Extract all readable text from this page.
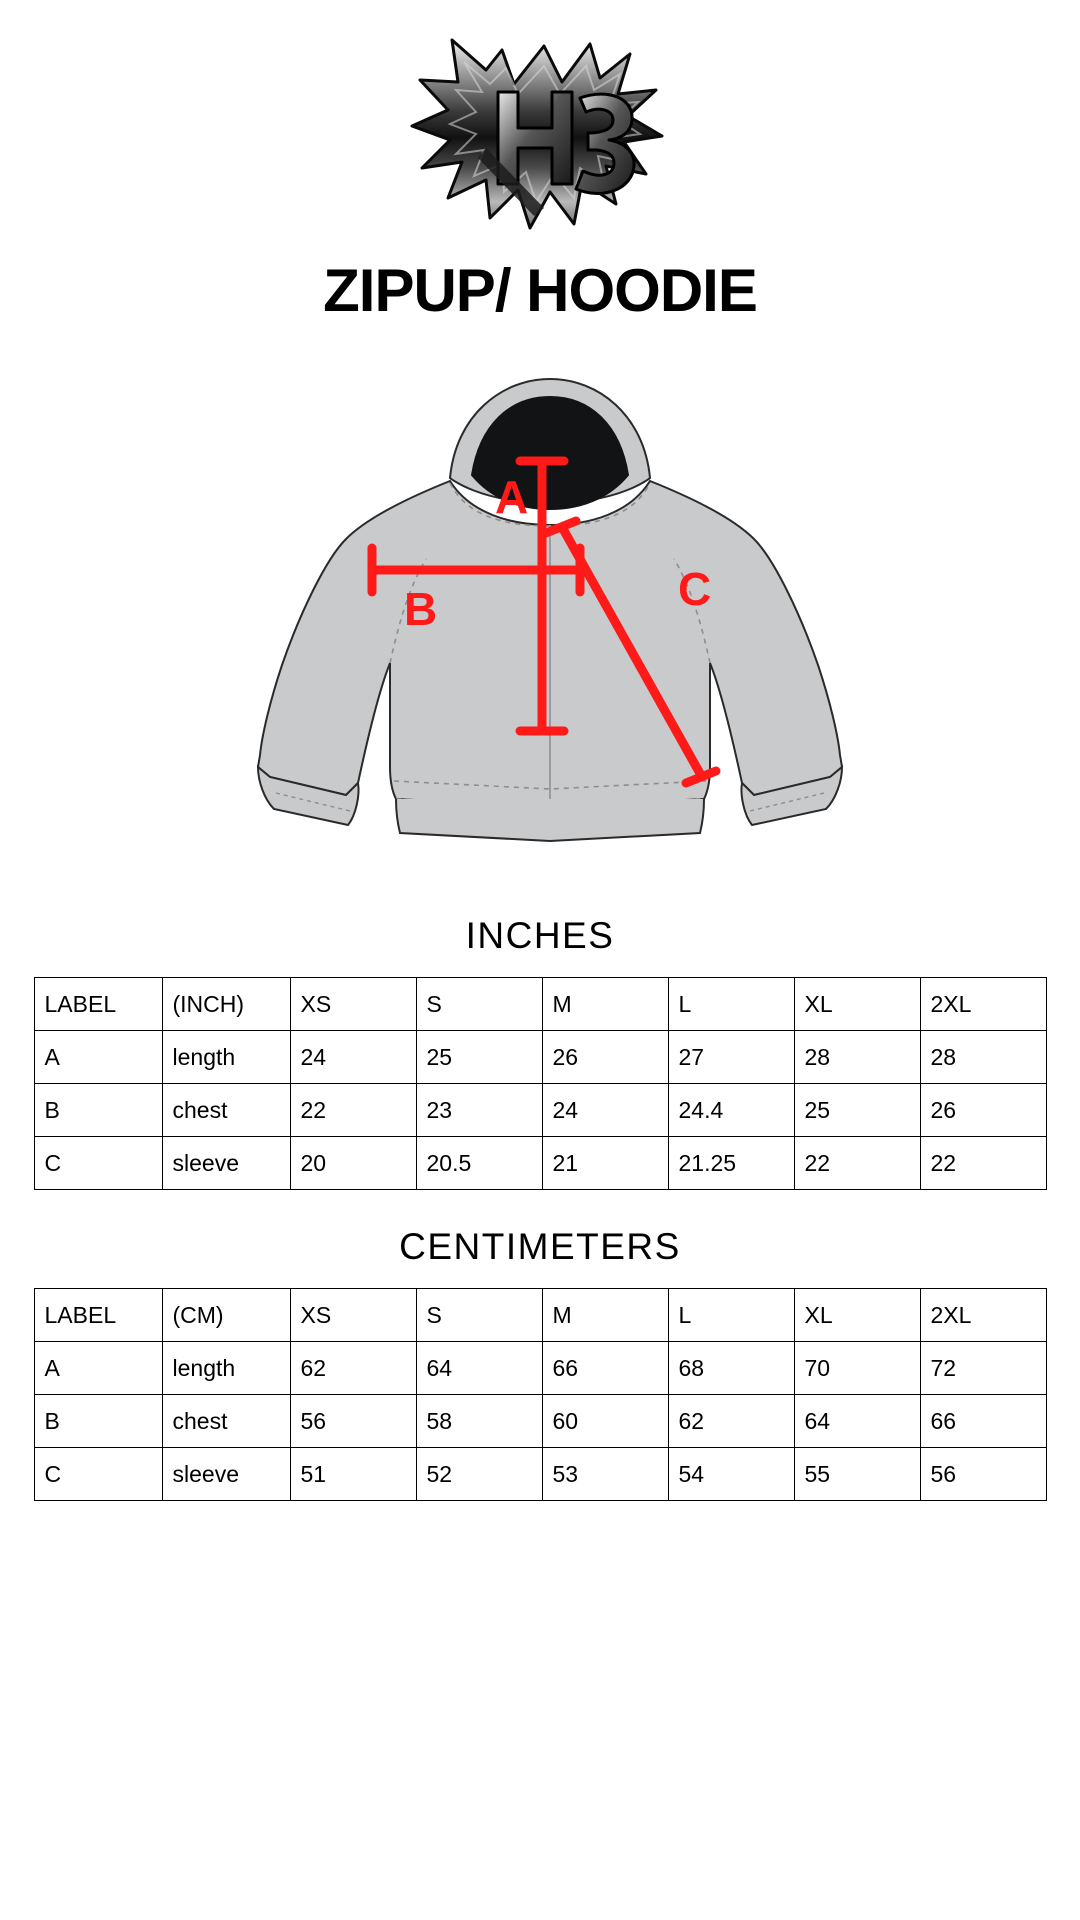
ZIPUP/ HOODIE
A
B	C
INCHES
LABEL	(INCH)	XS	S	M	L	XL	2XL
A	length	24	25	26	27	28	28
B	chest	22	23	24	24.4	25	26
C	sleeve	20	20.5	21	21.25	22	22
CENTIMETERS
LABEL	(CM)	XS	S	M	L	XL	2XL
A	length	62	64	66	68	70	72
B	chest	56	58	60	62	64	66
C	sleeve	51	52	53	54	55	56
